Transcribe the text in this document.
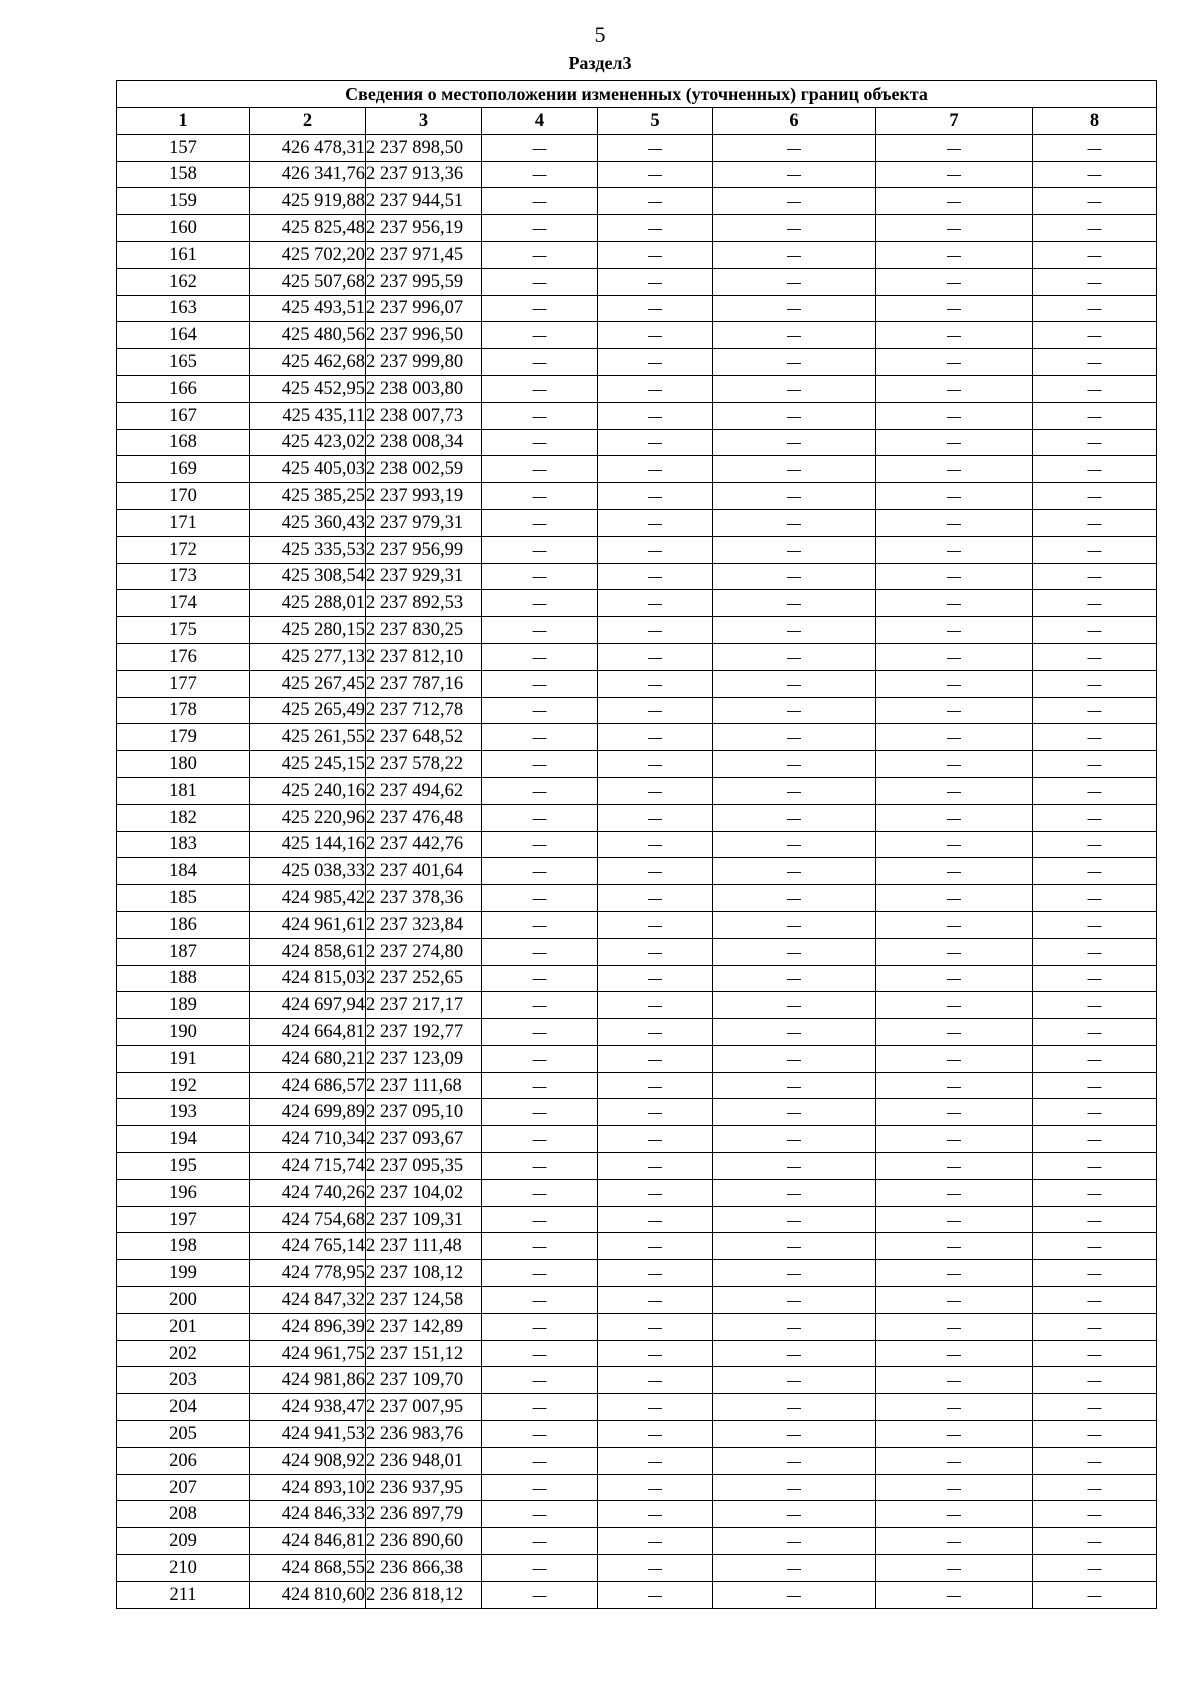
5
Раздел3
Сведения о местоположении измененных (уточненных) границ объекта							
1	2	3	4	5	6	7	8
157	426 478,31	2 237 898,50	—	—	—	—	—
158	426 341,76	2 237 913,36	—	—	—	—	—
159	425 919,88	2 237 944,51	—	—	—	—	—
160	425 825,48	2 237 956,19	—	—	—	—	—
161	425 702,20	2 237 971,45	—	—	—	—	—
162	425 507,68	2 237 995,59	—	—	—	—	—
163	425 493,51	2 237 996,07	—	—	—	—	—
164	425 480,56	2 237 996,50	—	—	—	—	—
165	425 462,68	2 237 999,80	—	—	—	—	—
166	425 452,95	2 238 003,80	—	—	—	—	—
167	425 435,11	2 238 007,73	—	—	—	—	—
168	425 423,02	2 238 008,34	—	—	—	—	—
169	425 405,03	2 238 002,59	—	—	—	—	—
170	425 385,25	2 237 993,19	—	—	—	—	—
171	425 360,43	2 237 979,31	—	—	—	—	—
172	425 335,53	2 237 956,99	—	—	—	—	—
173	425 308,54	2 237 929,31	—	—	—	—	—
174	425 288,01	2 237 892,53	—	—	—	—	—
175	425 280,15	2 237 830,25	—	—	—	—	—
176	425 277,13	2 237 812,10	—	—	—	—	—
177	425 267,45	2 237 787,16	—	—	—	—	—
178	425 265,49	2 237 712,78	—	—	—	—	—
179	425 261,55	2 237 648,52	—	—	—	—	—
180	425 245,15	2 237 578,22	—	—	—	—	—
181	425 240,16	2 237 494,62	—	—	—	—	—
182	425 220,96	2 237 476,48	—	—	—	—	—
183	425 144,16	2 237 442,76	—	—	—	—	—
184	425 038,33	2 237 401,64	—	—	—	—	—
185	424 985,42	2 237 378,36	—	—	—	—	—
186	424 961,61	2 237 323,84	—	—	—	—	—
187	424 858,61	2 237 274,80	—	—	—	—	—
188	424 815,03	2 237 252,65	—	—	—	—	—
189	424 697,94	2 237 217,17	—	—	—	—	—
190	424 664,81	2 237 192,77	—	—	—	—	—
191	424 680,21	2 237 123,09	—	—	—	—	—
192	424 686,57	2 237 111,68	—	—	—	—	—
193	424 699,89	2 237 095,10	—	—	—	—	—
194	424 710,34	2 237 093,67	—	—	—	—	—
195	424 715,74	2 237 095,35	—	—	—	—	—
196	424 740,26	2 237 104,02	—	—	—	—	—
197	424 754,68	2 237 109,31	—	—	—	—	—
198	424 765,14	2 237 111,48	—	—	—	—	—
199	424 778,95	2 237 108,12	—	—	—	—	—
200	424 847,32	2 237 124,58	—	—	—	—	—
201	424 896,39	2 237 142,89	—	—	—	—	—
202	424 961,75	2 237 151,12	—	—	—	—	—
203	424 981,86	2 237 109,70	—	—	—	—	—
204	424 938,47	2 237 007,95	—	—	—	—	—
205	424 941,53	2 236 983,76	—	—	—	—	—
206	424 908,92	2 236 948,01	—	—	—	—	—
207	424 893,10	2 236 937,95	—	—	—	—	—
208	424 846,33	2 236 897,79	—	—	—	—	—
209	424 846,81	2 236 890,60	—	—	—	—	—
210	424 868,55	2 236 866,38	—	—	—	—	—
211	424 810,60	2 236 818,12	—	—	—	—	—
